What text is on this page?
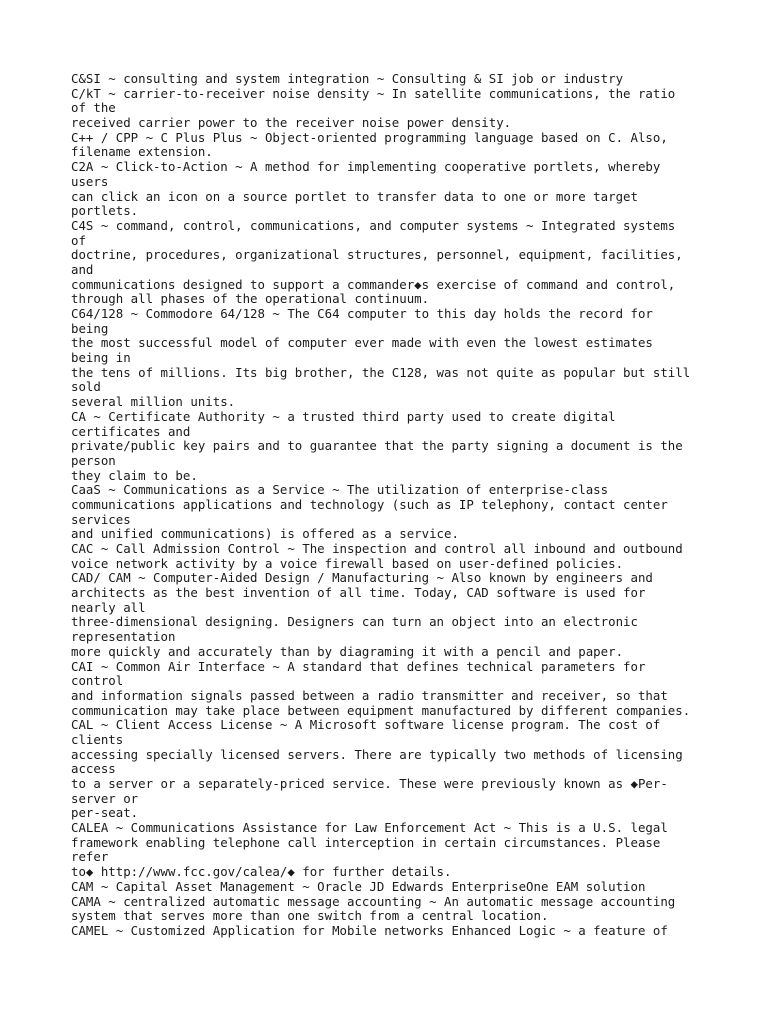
C&SI ~ consulting and system integration ~ Consulting & SI job or industry
C/kT ~ carrier-to-receiver noise density ~ In satellite communications, the ratio
of the
received carrier power to the receiver noise power density.
C++ / CPP ~ C Plus Plus ~ Object-oriented programming language based on C. Also,
filename extension.
C2A ~ Click-to-Action ~ A method for implementing cooperative portlets, whereby
users
can click an icon on a source portlet to transfer data to one or more target
portlets.
C4S ~ command, control, communications, and computer systems ~ Integrated systems
of
doctrine, procedures, organizational structures, personnel, equipment, facilities,
and
communications designed to support a commander◆s exercise of command and control,
through all phases of the operational continuum.
C64/128 ~ Commodore 64/128 ~ The C64 computer to this day holds the record for
being
the most successful model of computer ever made with even the lowest estimates
being in
the tens of millions. Its big brother, the C128, was not quite as popular but still
sold
several million units.
CA ~ Certificate Authority ~ a trusted third party used to create digital
certificates and
private/public key pairs and to guarantee that the party signing a document is the
person
they claim to be.
CaaS ~ Communications as a Service ~ The utilization of enterprise-class
communications applications and technology (such as IP telephony, contact center
services
and unified communications) is offered as a service.
CAC ~ Call Admission Control ~ The inspection and control all inbound and outbound
voice network activity by a voice firewall based on user-defined policies.
CAD/ CAM ~ Computer-Aided Design / Manufacturing ~ Also known by engineers and
architects as the best invention of all time. Today, CAD software is used for
nearly all
three-dimensional designing. Designers can turn an object into an electronic
representation
more quickly and accurately than by diagraming it with a pencil and paper.
CAI ~ Common Air Interface ~ A standard that defines technical parameters for
control
and information signals passed between a radio transmitter and receiver, so that
communication may take place between equipment manufactured by different companies.
CAL ~ Client Access License ~ A Microsoft software license program. The cost of
clients
accessing specially licensed servers. There are typically two methods of licensing
access
to a server or a separately-priced service. These were previously known as ◆Per-
server or
per-seat.
CALEA ~ Communications Assistance for Law Enforcement Act ~ This is a U.S. legal
framework enabling telephone call interception in certain circumstances. Please
refer
to◆ http://www.fcc.gov/calea/◆ for further details.
CAM ~ Capital Asset Management ~ Oracle JD Edwards EnterpriseOne EAM solution
CAMA ~ centralized automatic message accounting ~ An automatic message accounting
system that serves more than one switch from a central location.
CAMEL ~ Customized Application for Mobile networks Enhanced Logic ~ a feature of
